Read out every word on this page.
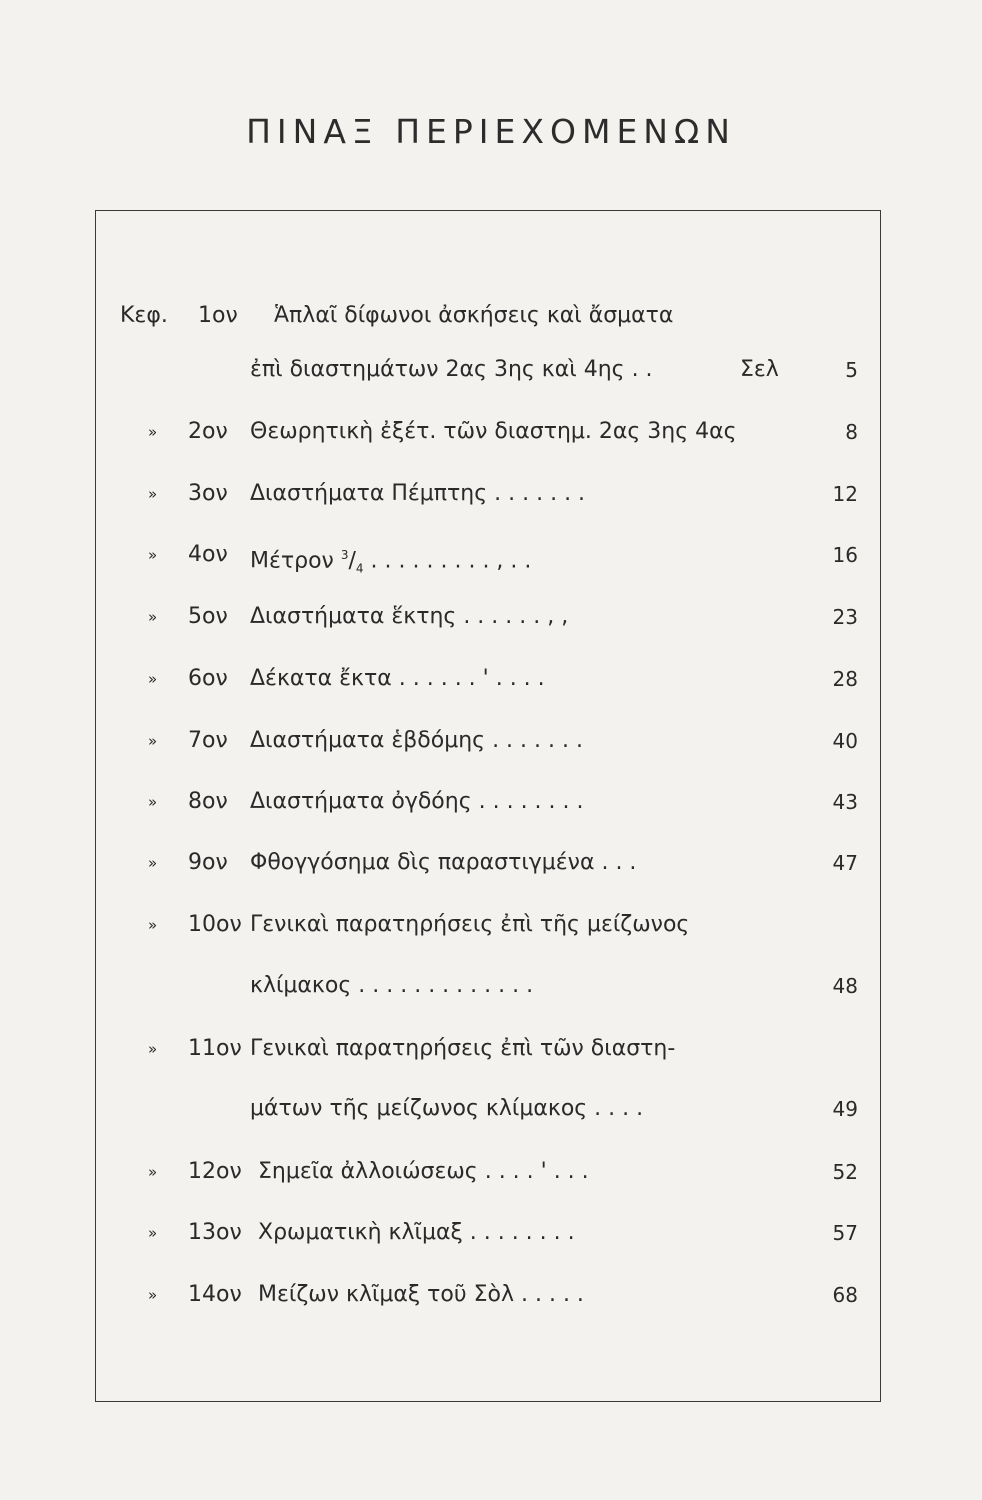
ΠΙΝΑΞ ΠΕΡΙΕΧΟΜΕΝΩΝ
Κεφ. 1ον Ἁπλαῖ δίφωνοι ἀσκήσεις καὶ ἄσματα
ἐπὶ διαστημάτων 2ας 3ης καὶ 4ης . .	Σελ	5
» 2ον Θεωρητικὴ ἐξέτ. τῶν διαστημ. 2ας 3ης 4ας	8
» 3ον Διαστήματα Πέμπτης . . . . . . .	12
» 4ον Μέτρον $^3/_4$ . . . . . . . . . , . .	16
» 5ον Διαστήματα ἕκτης . . . . . . , ,	23
» 6ον Δέκατα ἔκτα . . . . . . ' . . . .	28
» 7ον Διαστήματα ἑβδόμης . . . . . . .	40
» 8ον Διαστήματα ὀγδόης . . . . . . . .	43
» 9ον Φθογγόσημα δὶς παραστιγμένα . . .	47
» 10ον Γενικαὶ παρατηρήσεις ἐπὶ τῆς μείζωνος
κλίμακος . . . . . . . . . . . . .	48
» 11ον Γενικαὶ παρατηρήσεις ἐπὶ τῶν διαστη-
μάτων τῆς μείζωνος κλίμακος . . . .	49
» 12ον Σημεῖα ἀλλοιώσεως . . . . ' . . .	52
» 13ον Χρωματικὴ κλῖμαξ . . . . . . . .	57
» 14ον Μείζων κλῖμαξ τοῦ Σὸλ . . . . .	68
